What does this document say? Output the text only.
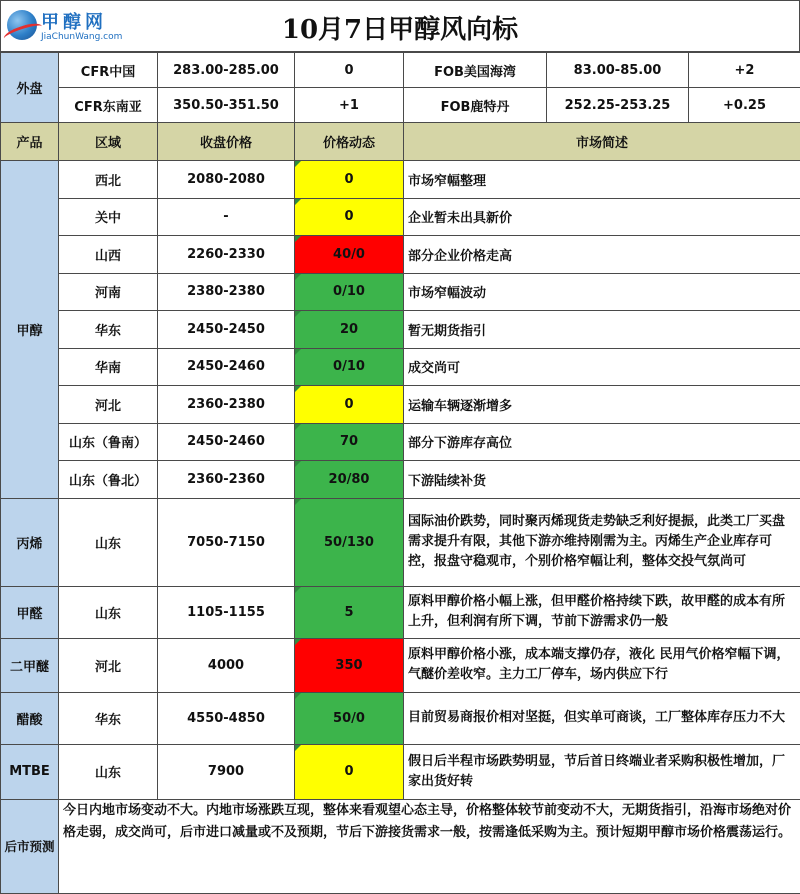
甲醇网
JiaChunWang.com	10月7日甲醇风向标
外盘	CFR中国	283.00-285.00	0	FOB美国海湾	83.00-85.00	+2
	CFR东南亚	350.50-351.50	+1	FOB鹿特丹	252.25-253.25	+0.25
产品	区域	收盘价格	价格动态	市场简述		
甲醇	西北	2080-2080	0	市场窄幅整理		
	关中	-	0	企业暂未出具新价		
	山西	2260-2330	40/0	部分企业价格走高		
	河南	2380-2380	0/10	市场窄幅波动		
	华东	2450-2450	20	暂无期货指引		
	华南	2450-2460	0/10	成交尚可		
	河北	2360-2380	0	运输车辆逐渐增多		
	山东（鲁南）	2450-2460	70	部分下游库存高位		
	山东（鲁北）	2360-2360	20/80	下游陆续补货		
丙烯	山东	7050-7150	50/130	国际油价跌势，同时聚丙烯现货走势缺乏利好提振，此类工厂买盘需求提升有限，其他下游亦维持刚需为主。丙烯生产企业库存可控，报盘守稳观市，个别价格窄幅让利，整体交投气氛尚可		
甲醛	山东	1105-1155	5	原料甲醇价格小幅上涨，但甲醛价格持续下跌，故甲醛的成本有所上升，但利润有所下调，节前下游需求仍一般		
二甲醚	河北	4000	350	原料甲醇价格小涨，成本端支撑仍存，液化 民用气价格窄幅下调，气醚价差收窄。主力工厂停车，场内供应下行		
醋酸	华东	4550-4850	50/0	目前贸易商报价相对坚挺，但实单可商谈，工厂整体库存压力不大		
MTBE	山东	7900	0	假日后半程市场跌势明显，节后首日终端业者采购积极性增加，厂家出货好转		
后市预测	今日内地市场变动不大。内地市场涨跌互现，整体来看观望心态主导，价格整体较节前变动不大，无期货指引，沿海市场绝对价格走弱，成交尚可，后市进口减量或不及预期，节后下游接货需求一般，按需逢低采购为主。预计短期甲醇市场价格震荡运行。
